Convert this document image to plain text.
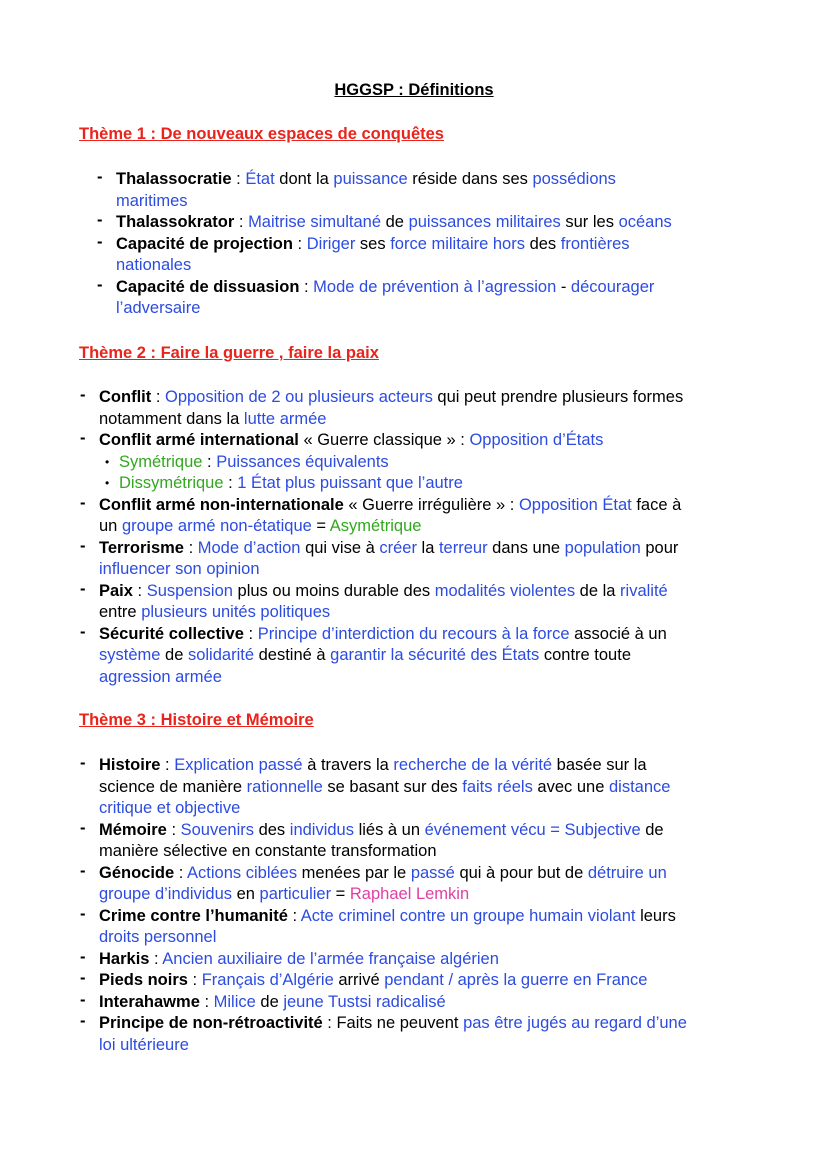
HGGSP : Définitions
Thème 1 : De nouveaux espaces de conquêtes
- Thalassocratie : État dont la puissance réside dans ses possédions
maritimes
- Thalassokrator : Maitrise simultané de puissances militaires sur les océans
- Capacité de projection : Diriger ses force militaire hors des frontières
nationales
- Capacité de dissuasion : Mode de prévention à l’agression - décourager
l’adversaire
Thème 2 : Faire la guerre , faire la paix
- Conflit : Opposition de 2 ou plusieurs acteurs qui peut prendre plusieurs formes
notamment dans la lutte armée
- Conflit armé international « Guerre classique » : Opposition d’États
• Symétrique : Puissances équivalents
• Dissymétrique : 1 État plus puissant que l’autre
- Conflit armé non-internationale « Guerre irrégulière » : Opposition État face à
un groupe armé non-étatique = Asymétrique
- Terrorisme : Mode d’action qui vise à créer la terreur dans une population pour
influencer son opinion
- Paix : Suspension plus ou moins durable des modalités violentes de la rivalité
entre plusieurs unités politiques
- Sécurité collective : Principe d’interdiction du recours à la force associé à un
système de solidarité destiné à garantir la sécurité des États contre toute
agression armée
Thème 3 : Histoire et Mémoire
- Histoire : Explication passé à travers la recherche de la vérité basée sur la
science de manière rationnelle se basant sur des faits réels avec une distance
critique et objective
- Mémoire : Souvenirs des individus liés à un événement vécu = Subjective de
manière sélective en constante transformation
- Génocide : Actions ciblées menées par le passé qui à pour but de détruire un
groupe d’individus en particulier = Raphael Lemkin
- Crime contre l’humanité : Acte criminel contre un groupe humain violant leurs
droits personnel
- Harkis : Ancien auxiliaire de l’armée française algérien
- Pieds noirs : Français d’Algérie arrivé pendant / après la guerre en France
- Interahawme : Milice de jeune Tustsi radicalisé
- Principe de non-rétroactivité : Faits ne peuvent pas être jugés au regard d’une
loi ultérieure
